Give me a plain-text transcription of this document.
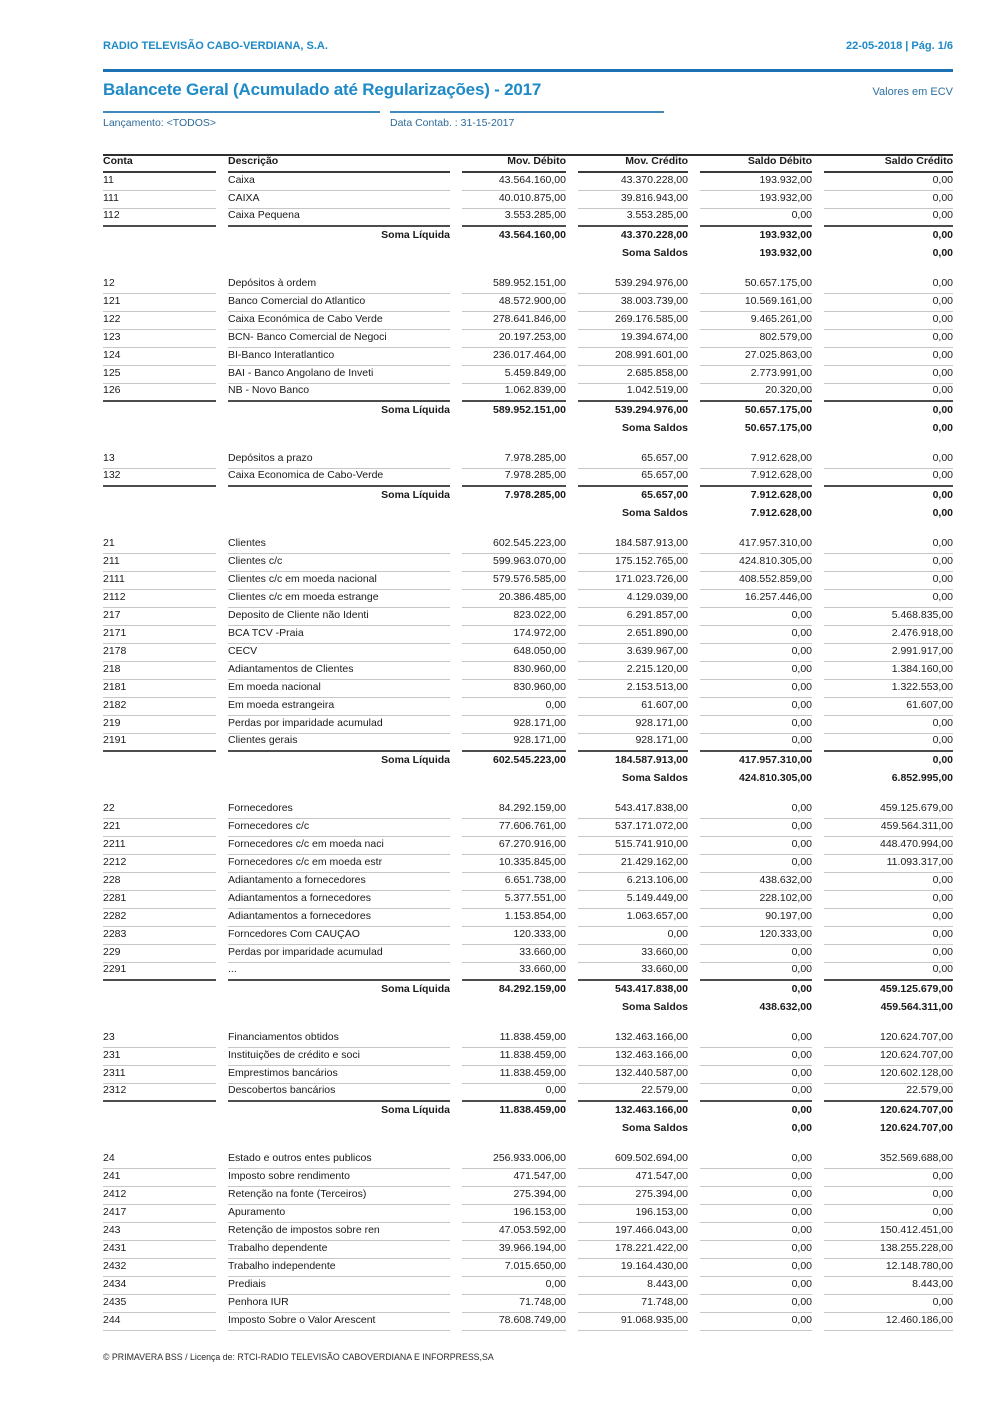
RADIO TELEVISÃO CABO-VERDIANA, S.A.	22-05-2018 | Pág. 1/6
Balancete Geral (Acumulado até Regularizações) - 2017	Valores em ECV
Lançamento: <TODOS>	Data Contab. : 31-15-2017
Conta	Descrição	Mov. Débito	Mov. Crédito	Saldo Débito	Saldo Crédito
11	Caixa	43.564.160,00	43.370.228,00	193.932,00	0,00
111	CAIXA	40.010.875,00	39.816.943,00	193.932,00	0,00
112	Caixa Pequena	3.553.285,00	3.553.285,00	0,00	0,00
Soma Líquida	43.564.160,00	43.370.228,00	193.932,00	0,00
Soma Saldos	193.932,00	0,00
12	Depósitos à ordem	589.952.151,00	539.294.976,00	50.657.175,00	0,00
121	Banco Comercial do Atlantico	48.572.900,00	38.003.739,00	10.569.161,00	0,00
122	Caixa Económica de Cabo Verde	278.641.846,00	269.176.585,00	9.465.261,00	0,00
123	BCN- Banco Comercial de Negoci	20.197.253,00	19.394.674,00	802.579,00	0,00
124	BI-Banco Interatlantico	236.017.464,00	208.991.601,00	27.025.863,00	0,00
125	BAI - Banco Angolano de Inveti	5.459.849,00	2.685.858,00	2.773.991,00	0,00
126	NB - Novo Banco	1.062.839,00	1.042.519,00	20.320,00	0,00
Soma Líquida	589.952.151,00	539.294.976,00	50.657.175,00	0,00
Soma Saldos	50.657.175,00	0,00
13	Depósitos a prazo	7.978.285,00	65.657,00	7.912.628,00	0,00
132	Caixa Economica de Cabo-Verde	7.978.285,00	65.657,00	7.912.628,00	0,00
Soma Líquida	7.978.285,00	65.657,00	7.912.628,00	0,00
Soma Saldos	7.912.628,00	0,00
21	Clientes	602.545.223,00	184.587.913,00	417.957.310,00	0,00
211	Clientes c/c	599.963.070,00	175.152.765,00	424.810.305,00	0,00
2111	Clientes c/c em moeda nacional	579.576.585,00	171.023.726,00	408.552.859,00	0,00
2112	Clientes c/c em moeda estrange	20.386.485,00	4.129.039,00	16.257.446,00	0,00
217	Deposito de Cliente não Identi	823.022,00	6.291.857,00	0,00	5.468.835,00
2171	BCA TCV -Praia	174.972,00	2.651.890,00	0,00	2.476.918,00
2178	CECV	648.050,00	3.639.967,00	0,00	2.991.917,00
218	Adiantamentos de Clientes	830.960,00	2.215.120,00	0,00	1.384.160,00
2181	Em moeda nacional	830.960,00	2.153.513,00	0,00	1.322.553,00
2182	Em moeda estrangeira	0,00	61.607,00	0,00	61.607,00
219	Perdas por imparidade acumulad	928.171,00	928.171,00	0,00	0,00
2191	Clientes gerais	928.171,00	928.171,00	0,00	0,00
Soma Líquida	602.545.223,00	184.587.913,00	417.957.310,00	0,00
Soma Saldos	424.810.305,00	6.852.995,00
22	Fornecedores	84.292.159,00	543.417.838,00	0,00	459.125.679,00
221	Fornecedores c/c	77.606.761,00	537.171.072,00	0,00	459.564.311,00
2211	Fornecedores c/c em moeda naci	67.270.916,00	515.741.910,00	0,00	448.470.994,00
2212	Fornecedores c/c em moeda estr	10.335.845,00	21.429.162,00	0,00	11.093.317,00
228	Adiantamento a fornecedores	6.651.738,00	6.213.106,00	438.632,00	0,00
2281	Adiantamentos a fornecedores	5.377.551,00	5.149.449,00	228.102,00	0,00
2282	Adiantamentos a fornecedores	1.153.854,00	1.063.657,00	90.197,00	0,00
2283	Forncedores Com CAUÇÃO	120.333,00	0,00	120.333,00	0,00
229	Perdas por imparidade acumulad	33.660,00	33.660,00	0,00	0,00
2291	...	33.660,00	33.660,00	0,00	0,00
Soma Líquida	84.292.159,00	543.417.838,00	0,00	459.125.679,00
Soma Saldos	438.632,00	459.564.311,00
23	Financiamentos obtidos	11.838.459,00	132.463.166,00	0,00	120.624.707,00
231	Instituições de crédito e soci	11.838.459,00	132.463.166,00	0,00	120.624.707,00
2311	Emprestimos bancários	11.838.459,00	132.440.587,00	0,00	120.602.128,00
2312	Descobertos bancários	0,00	22.579,00	0,00	22.579,00
Soma Líquida	11.838.459,00	132.463.166,00	0,00	120.624.707,00
Soma Saldos	0,00	120.624.707,00
24	Estado e outros entes publicos	256.933.006,00	609.502.694,00	0,00	352.569.688,00
241	Imposto sobre rendimento	471.547,00	471.547,00	0,00	0,00
2412	Retenção na fonte (Terceiros)	275.394,00	275.394,00	0,00	0,00
2417	Apuramento	196.153,00	196.153,00	0,00	0,00
243	Retenção de impostos sobre ren	47.053.592,00	197.466.043,00	0,00	150.412.451,00
2431	Trabalho dependente	39.966.194,00	178.221.422,00	0,00	138.255.228,00
2432	Trabalho independente	7.015.650,00	19.164.430,00	0,00	12.148.780,00
2434	Prediais	0,00	8.443,00	0,00	8.443,00
2435	Penhora IUR	71.748,00	71.748,00	0,00	0,00
244	Imposto Sobre o Valor Arescent	78.608.749,00	91.068.935,00	0,00	12.460.186,00
© PRIMAVERA BSS / Licença de: RTCI-RADIO TELEVISÃO CABOVERDIANA E INFORPRESS,SA
